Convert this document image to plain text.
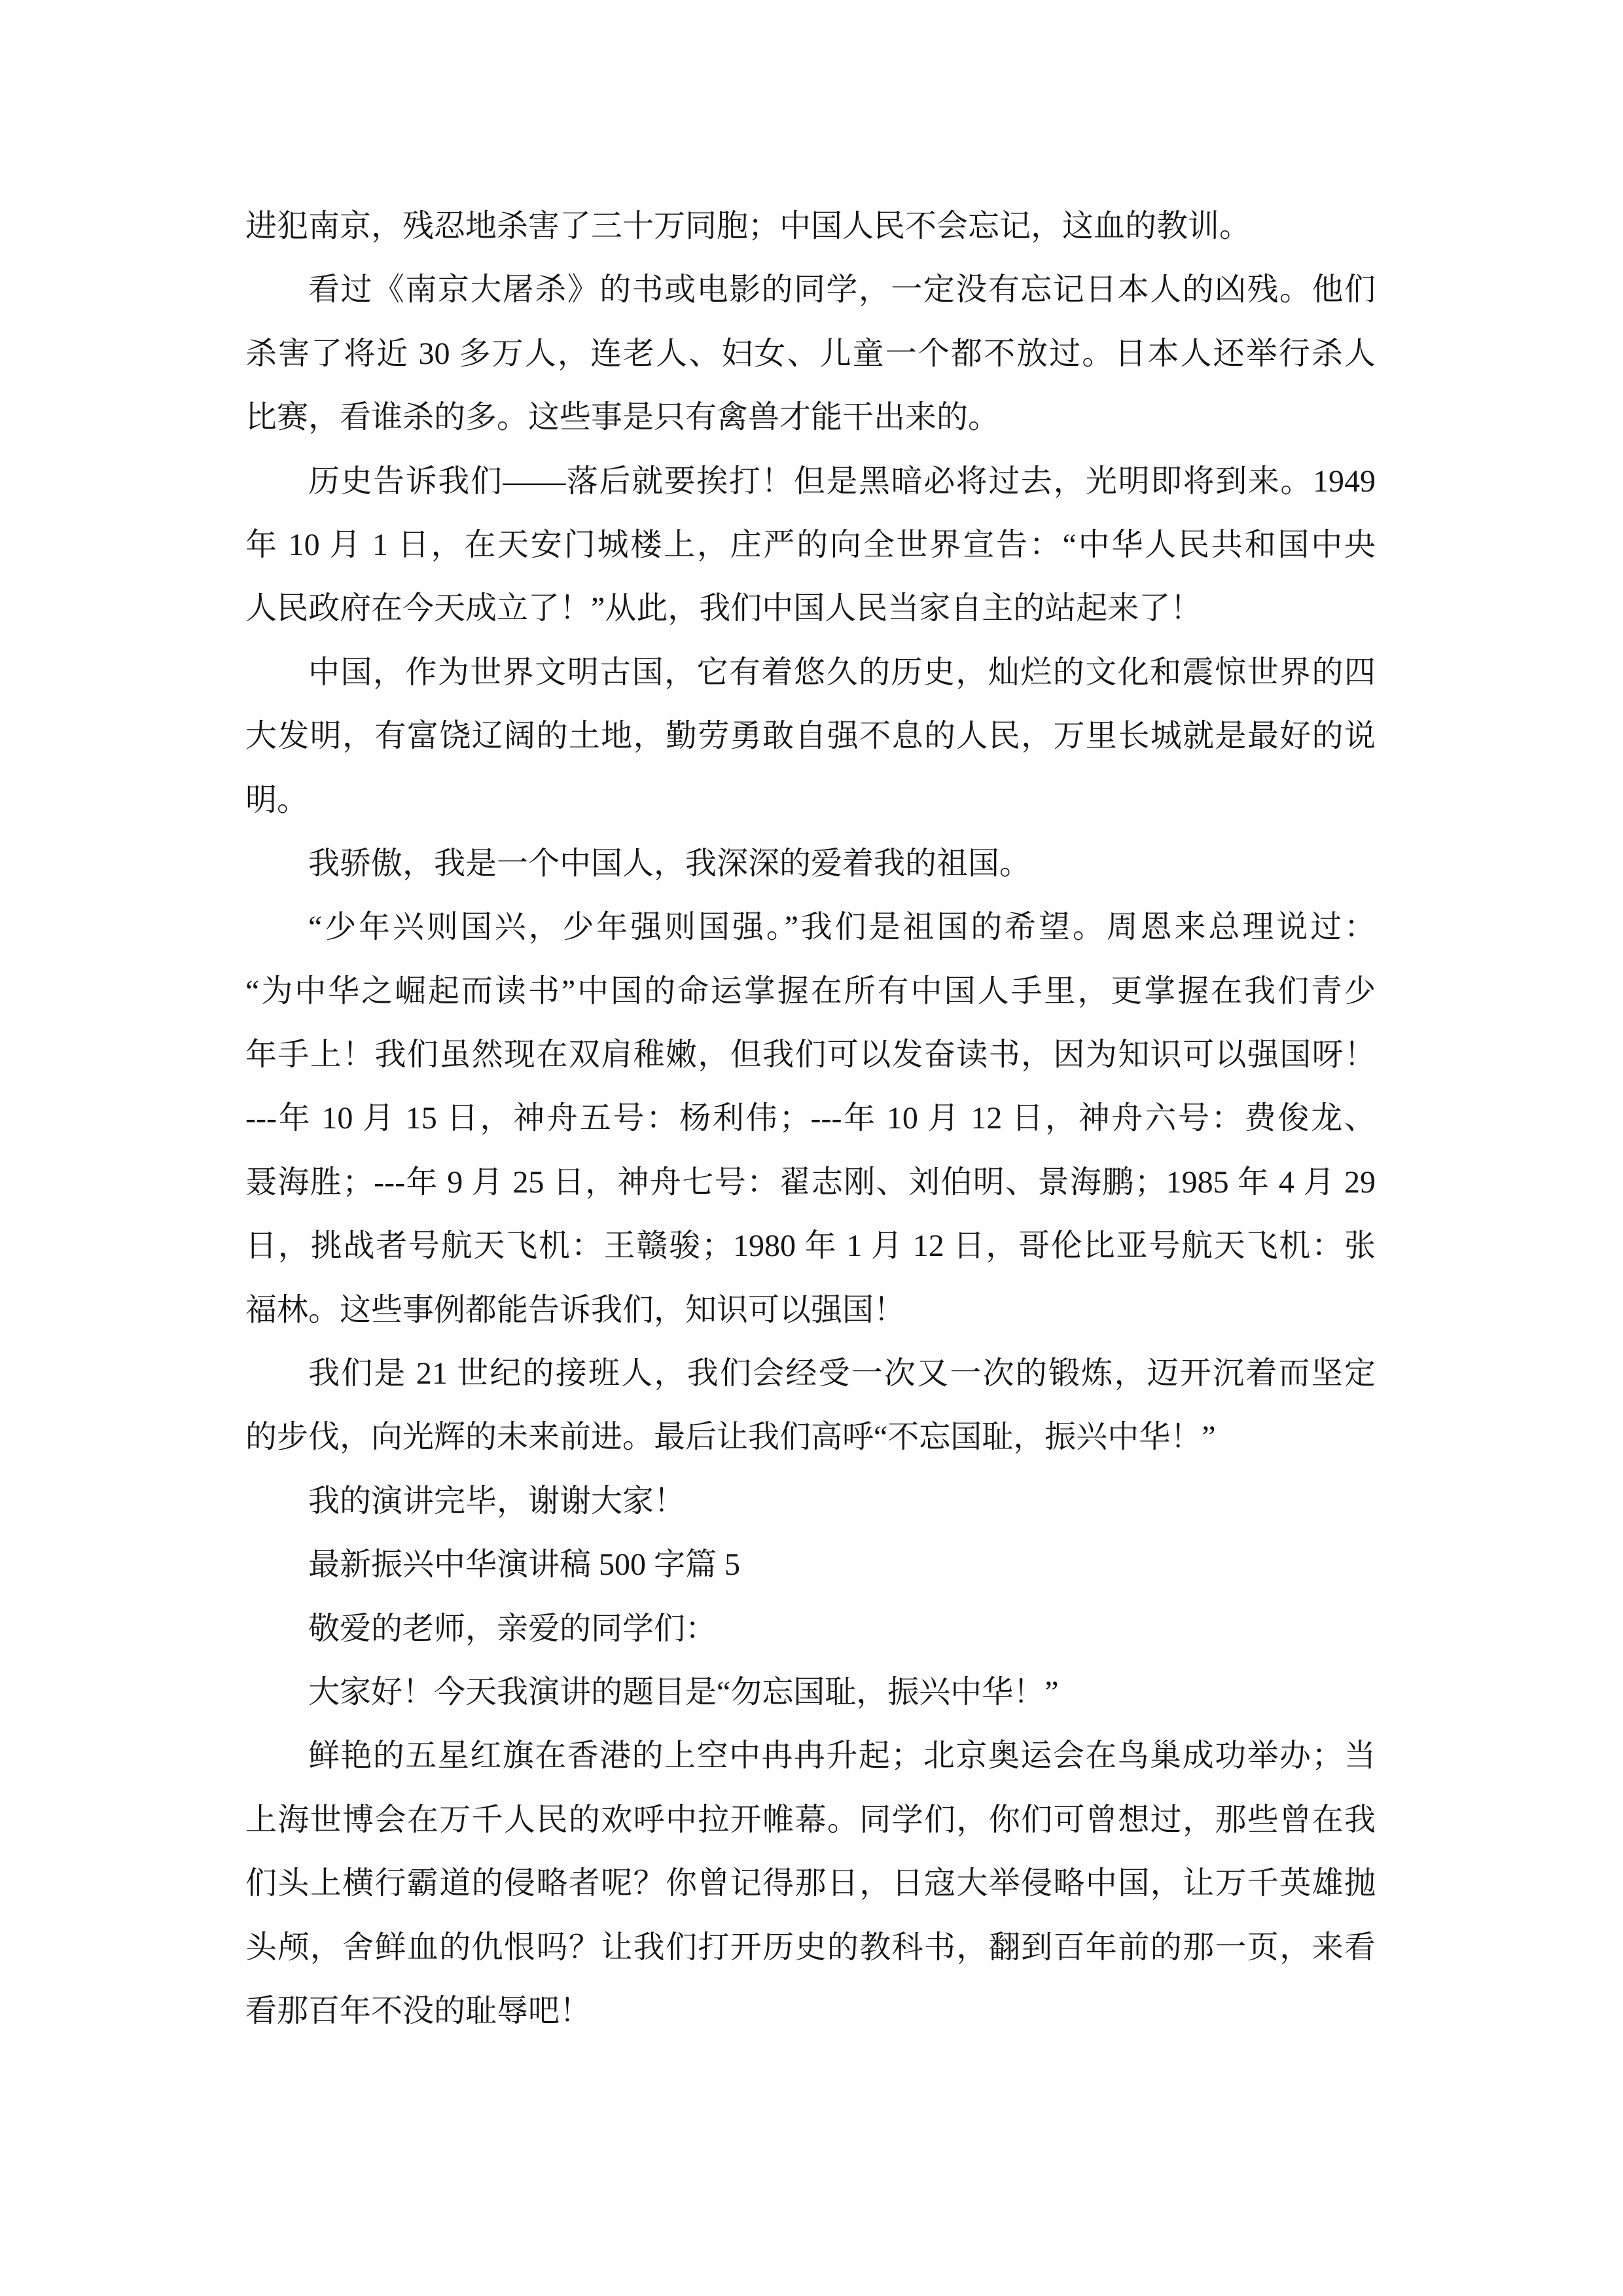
进犯南京，残忍地杀害了三十万同胞；中国人民不会忘记，这血的教训。
看过《南京大屠杀》的书或电影的同学，一定没有忘记日本人的凶残。他们
杀害了将近 30 多万人，连老人、妇女、儿童一个都不放过。日本人还举行杀人
比赛，看谁杀的多。这些事是只有禽兽才能干出来的。
历史告诉我们——落后就要挨打！但是黑暗必将过去，光明即将到来。1949
年 10 月 1 日，在天安门城楼上，庄严的向全世界宣告：“中华人民共和国中央
人民政府在今天成立了！”从此，我们中国人民当家自主的站起来了！
中国，作为世界文明古国，它有着悠久的历史，灿烂的文化和震惊世界的四
大发明，有富饶辽阔的土地，勤劳勇敢自强不息的人民，万里长城就是最好的说
明。
我骄傲，我是一个中国人，我深深的爱着我的祖国。
“少年兴则国兴，少年强则国强。”我们是祖国的希望。周恩来总理说过：
“为中华之崛起而读书”中国的命运掌握在所有中国人手里，更掌握在我们青少
年手上！我们虽然现在双肩稚嫩，但我们可以发奋读书，因为知识可以强国呀！
---年 10 月 15 日，神舟五号：杨利伟；---年 10 月 12 日，神舟六号：费俊龙、
聂海胜；---年 9 月 25 日，神舟七号：翟志刚、刘伯明、景海鹏；1985 年 4 月 29
日，挑战者号航天飞机：王赣骏；1980 年 1 月 12 日，哥伦比亚号航天飞机：张
福林。这些事例都能告诉我们，知识可以强国！
我们是 21 世纪的接班人，我们会经受一次又一次的锻炼，迈开沉着而坚定
的步伐，向光辉的未来前进。最后让我们高呼“不忘国耻，振兴中华！”
我的演讲完毕，谢谢大家！
最新振兴中华演讲稿 500 字篇 5
敬爱的老师，亲爱的同学们：
大家好！今天我演讲的题目是“勿忘国耻，振兴中华！”
鲜艳的五星红旗在香港的上空中冉冉升起；北京奥运会在鸟巢成功举办；当
上海世博会在万千人民的欢呼中拉开帷幕。同学们，你们可曾想过，那些曾在我
们头上横行霸道的侵略者呢？你曾记得那日，日寇大举侵略中国，让万千英雄抛
头颅，舍鲜血的仇恨吗？让我们打开历史的教科书，翻到百年前的那一页，来看
看那百年不没的耻辱吧！
